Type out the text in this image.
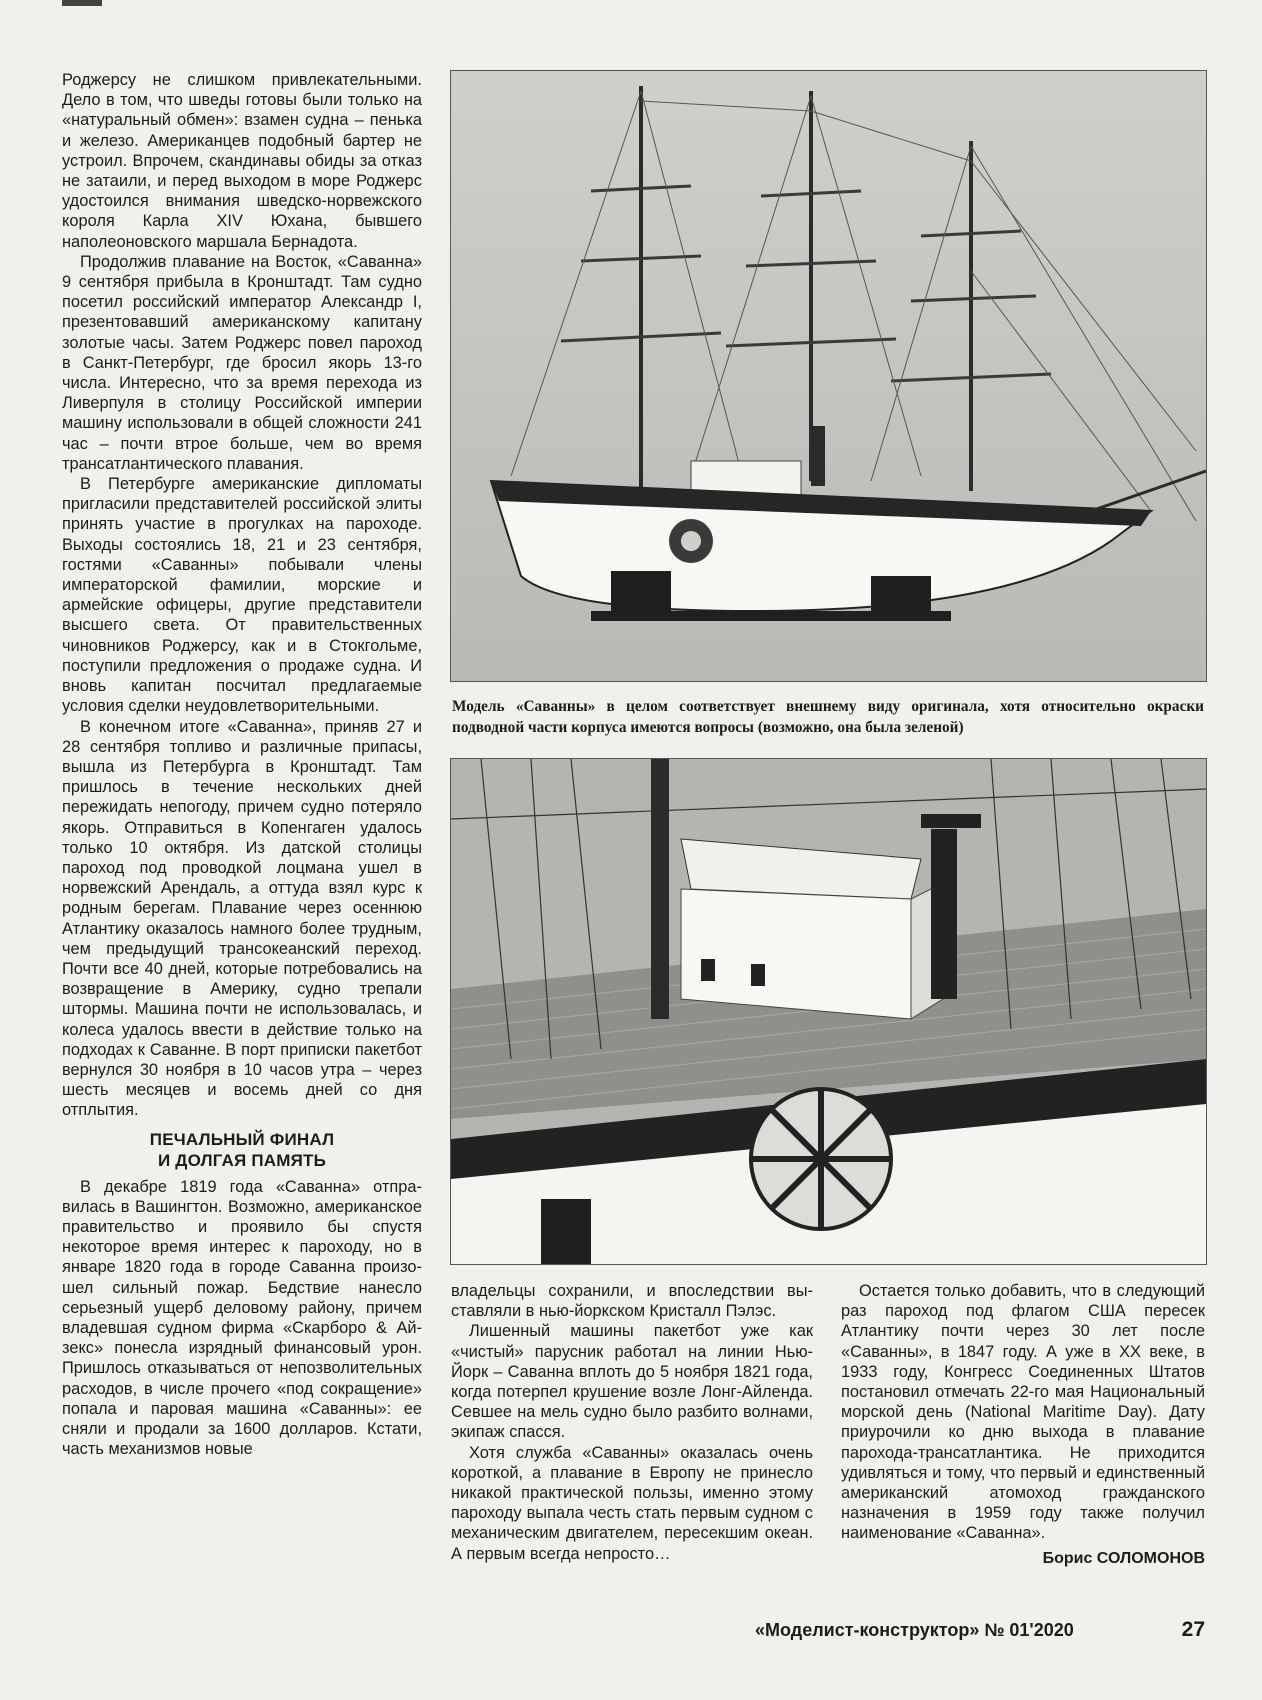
Роджерсу не слишком привлекательными. Дело в том, что шведы готовы были только на «натуральный обмен»: взамен судна – пенька и железо. Американцев подобный бартер не устроил. Впрочем, скандинавы обиды за отказ не затаили, и перед выходом в море Роджерс удостоился внимания шведско-норвежского короля Карла XIV Юхана, бывшего наполеоновского маршала Бернадота.

Продолжив плавание на Восток, «Саванна» 9 сентября прибыла в Кронштадт. Там судно посетил российский император Александр I, презентовавший американскому капитану золотые часы. Затем Роджерс повел пароход в Санкт-Петербург, где бросил якорь 13-го числа. Интересно, что за время перехода из Ливерпуля в столицу Российской империи машину использовали в общей сложности 241 час – почти втрое больше, чем во время трансатлантического плавания.

В Петербурге американские дипломаты пригласили представителей российской элиты принять участие в прогулках на пароходе. Выходы состоялись 18, 21 и 23 сентября, гостями «Саванны» побывали члены императорской фамилии, морские и армейские офицеры, другие представители высшего света. От правительственных чиновников Роджерсу, как и в Стокгольме, поступили предложения о продаже судна. И вновь капитан посчитал предлагаемые условия сделки неудовлетворительными.

В конечном итоге «Саванна», приняв 27 и 28 сентября топливо и различные припасы, вышла из Петербурга в Кронштадт. Там пришлось в течение нескольких дней пережидать непогоду, причем судно потеряло якорь. Отправиться в Копенгаген удалось только 10 октября. Из датской столицы пароход под проводкой лоцмана ушел в норвежский Арендаль, а оттуда взял курс к родным берегам. Плавание через осеннюю Атлантику оказалось намного более трудным, чем предыдущий трансокеанский переход. Почти все 40 дней, которые потребовались на возвращение в Америку, судно трепали штормы. Машина почти не использовалась, и колеса удалось ввести в действие только на подходах к Саванне. В порт приписки пакетбот вернулся 30 ноября в 10 часов утра – через шесть месяцев и восемь дней со дня отплытия.

ПЕЧАЛЬНЫЙ ФИНАЛ
И ДОЛГАЯ ПАМЯТЬ

В декабре 1819 года «Саванна» отправилась в Вашингтон. Возможно, американское правительство и проявило бы спустя некоторое время интерес к пароходу, но в январе 1820 года в городе Саванна произошел сильный пожар. Бедствие нанесло серьезный ущерб деловому району, причем владевшая судном фирма «Скарборо & Айзекс» понесла изрядный финансовый урон. Пришлось отказываться от непозволительных расходов, в числе прочего «под сокращение» попала и паровая машина «Саванны»: ее сняли и продали за 1600 долларов. Кстати, часть механизмов новые

Модель «Саванны» в целом соответствует внешнему виду оригинала, хотя относительно окраски подводной части корпуса имеются вопросы (возможно, она была зеленой)

владельцы сохранили, и впоследствии выставляли в нью-йоркском Кристалл Пэлэс.

Лишенный машины пакетбот уже как «чистый» парусник работал на линии Нью-Йорк – Саванна вплоть до 5 ноября 1821 года, когда потерпел крушение возле Лонг-Айленда. Севшее на мель судно было разбито волнами, экипаж спасся.

Хотя служба «Саванны» оказалась очень короткой, а плавание в Европу не принесло никакой практической пользы, именно этому пароходу выпала честь стать первым судном с механическим двигателем, пересекшим океан. А первым всегда непросто…

Остается только добавить, что в следующий раз пароход под флагом США пересек Атлантику почти через 30 лет после «Саванны», в 1847 году. А уже в XX веке, в 1933 году, Конгресс Соединенных Штатов постановил отмечать 22-го мая Национальный морской день (National Maritime Day). Дату приурочили ко дню выхода в плавание парохода-трансатлантика. Не приходится удивляться и тому, что первый и единственный американский атомоход гражданского назначения в 1959 году также получил наименование «Саванна».

Борис СОЛОМОНОВ
«Моделист-конструктор» № 01'2020	27
